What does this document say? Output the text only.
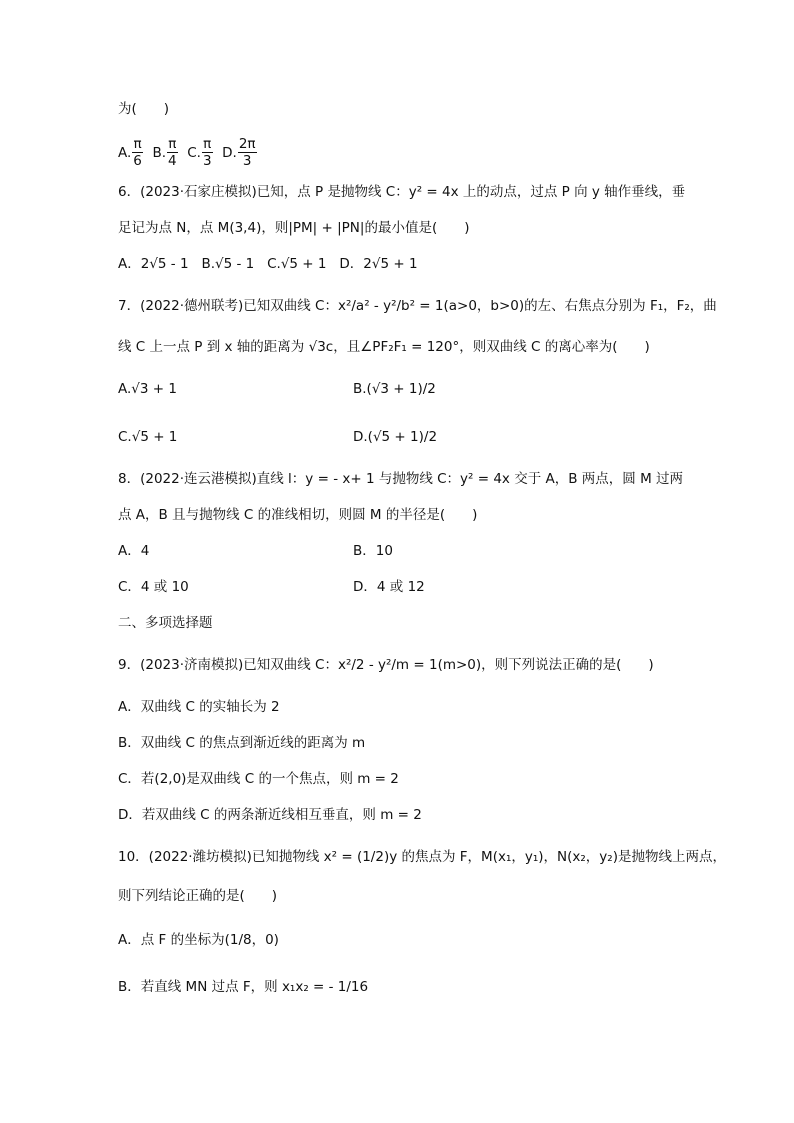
为(　　)
A. $\frac{\pi}{6} B$. $\frac{\pi}{4} C$. $\frac{\pi}{3} D$. $\frac{2\pi}{3}$
6．(2023·石家庄模拟)已知，点 P 是抛物线 C：y² = 4x 上的动点，过点 P 向 y 轴作垂线，垂
足记为点 N，点 M(3,4)，则|PM| + |PN|的最小值是(　　)
A．2√5 - 1 B.√5 - 1 C.√5 + 1 D．2√5 + 1
7．(2022·德州联考)已知双曲线 C：x²/a² - y²/b² = 1(a>0，b>0)的左、右焦点分别为 F₁，F₂，曲
线 C 上一点 P 到 x 轴的距离为 √3c，且∠PF₂F₁ = 120°，则双曲线 C 的离心率为(　　)
A.√3 + 1	B.(√3 + 1)/2
C.√5 + 1	D.(√5 + 1)/2
8．(2022·连云港模拟)直线 l：y = - x+ 1 与抛物线 C：y² = 4x 交于 A，B 两点，圆 M 过两
点 A，B 且与抛物线 C 的准线相切，则圆 M 的半径是(　　)
A．4	B．10
C．4 或 10	D．4 或 12
二、多项选择题
9．(2023·济南模拟)已知双曲线 C：x²/2 - y²/m = 1(m>0)，则下列说法正确的是(　　)
A．双曲线 C 的实轴长为 2
B．双曲线 C 的焦点到渐近线的距离为 m
C．若(2,0)是双曲线 C 的一个焦点，则 m = 2
D．若双曲线 C 的两条渐近线相互垂直，则 m = 2
10．(2022·潍坊模拟)已知抛物线 x² = (1/2)y 的焦点为 F，M(x₁，y₁)，N(x₂，y₂)是抛物线上两点，
则下列结论正确的是(　　)
A．点 F 的坐标为(1/8，0)
B．若直线 MN 过点 F，则 x₁x₂ = - 1/16
